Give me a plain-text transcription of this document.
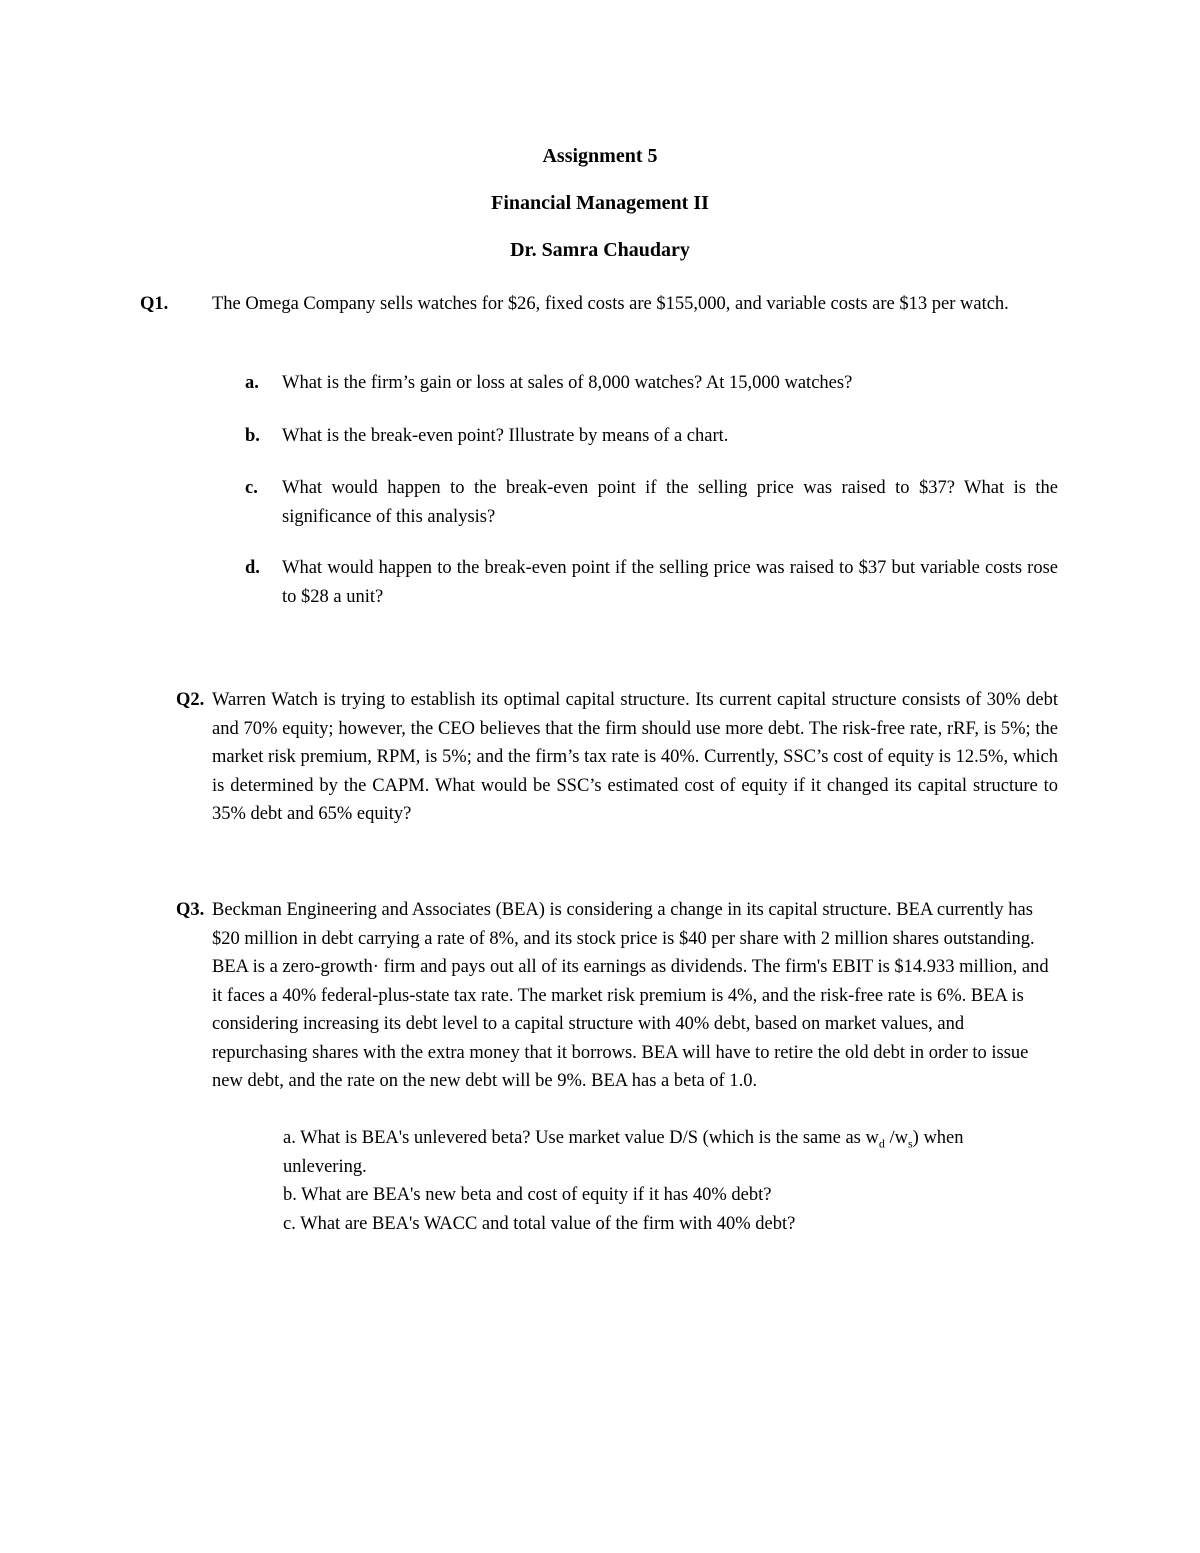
Assignment 5

Financial Management II

Dr. Samra Chaudary

Q1.	The Omega Company sells watches for $26, fixed costs are $155,000, and variable costs are $13 per watch.

a. What is the firm’s gain or loss at sales of 8,000 watches? At 15,000 watches?
b. What is the break-even point? Illustrate by means of a chart.
c. What would happen to the break-even point if the selling price was raised to $37? What is the significance of this analysis?
d. What would happen to the break-even point if the selling price was raised to $37 but variable costs rose to $28 a unit?
Q2. Warren Watch is trying to establish its optimal capital structure. Its current capital structure consists of 30% debt and 70% equity; however, the CEO believes that the firm should use more debt. The risk-free rate, rRF, is 5%; the market risk premium, RPM, is 5%; and the firm’s tax rate is 40%. Currently, SSC’s cost of equity is 12.5%, which is determined by the CAPM. What would be SSC’s estimated cost of equity if it changed its capital structure to 35% debt and 65% equity?

Q3. Beckman Engineering and Associates (BEA) is considering a change in its capital structure. BEA currently has $20 million in debt carrying a rate of 8%, and its stock price is $40 per share with 2 million shares outstanding. BEA is a zero-growth· firm and pays out all of its earnings as dividends. The firm's EBIT is $14.933 million, and it faces a 40% federal-plus-state tax rate. The market risk premium is 4%, and the risk-free rate is 6%. BEA is considering increasing its debt level to a capital structure with 40% debt, based on market values, and repurchasing shares with the extra money that it borrows. BEA will have to retire the old debt in order to issue new debt, and the rate on the new debt will be 9%. BEA has a beta of 1.0.

a. What is BEA's unlevered beta? Use market value D/S (which is the same as $w_d$ $/w_s$) when unlevering.
b. What are BEA's new beta and cost of equity if it has 40% debt?
c. What are BEA's WACC and total value of the firm with 40% debt?
